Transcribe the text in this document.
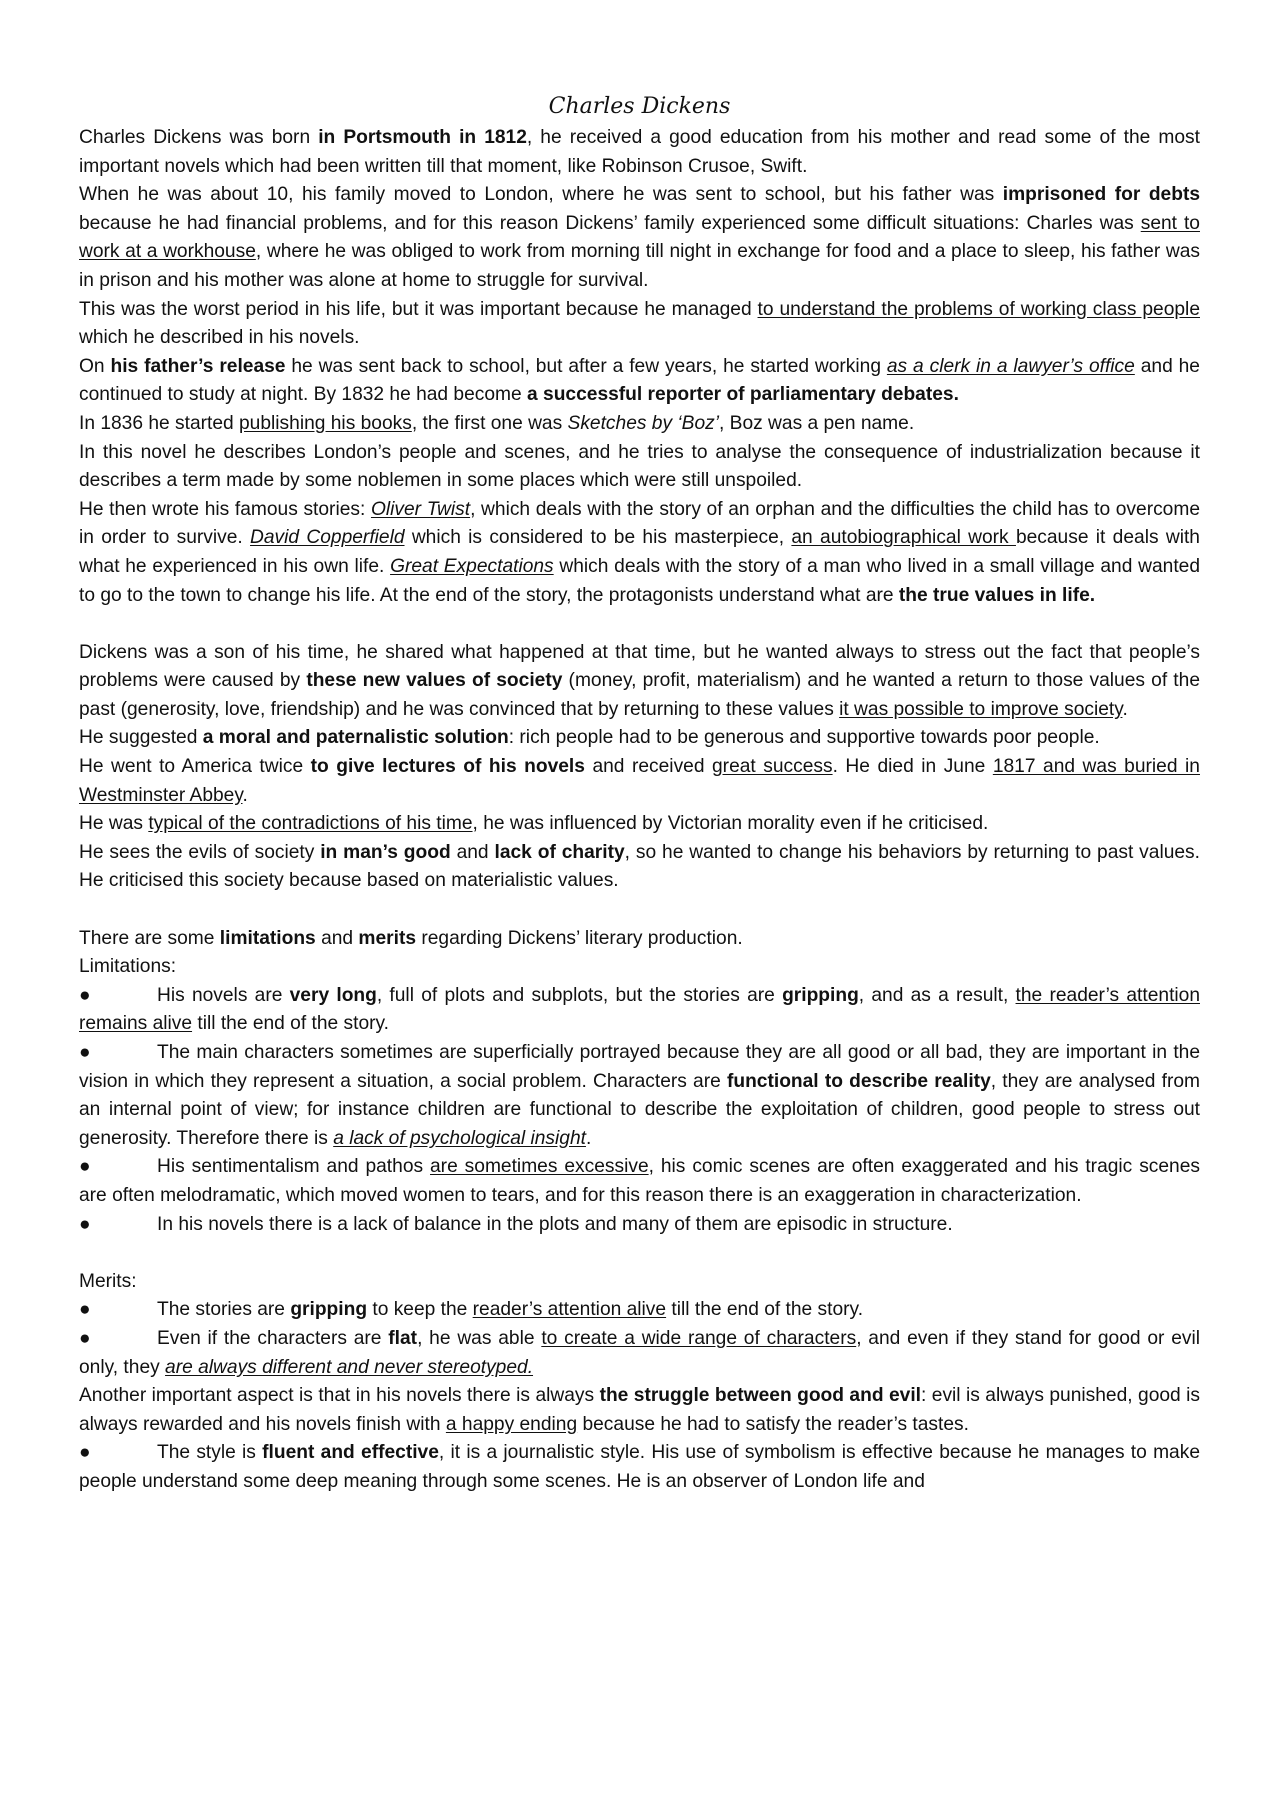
Charles Dickens

Charles Dickens was born in Portsmouth in 1812, he received a good education from his mother and read some of the most important novels which had been written till that moment, like Robinson Crusoe, Swift.

When he was about 10, his family moved to London, where he was sent to school, but his father was imprisoned for debts because he had financial problems, and for this reason Dickens’ family experienced some difficult situations: Charles was sent to work at a workhouse, where he was obliged to work from morning till night in exchange for food and a place to sleep, his father was in prison and his mother was alone at home to struggle for survival.

This was the worst period in his life, but it was important because he managed to understand the problems of working class people which he described in his novels.

On his father’s release he was sent back to school, but after a few years, he started working as a clerk in a lawyer’s office and he continued to study at night. By 1832 he had become a successful reporter of parliamentary debates.

In 1836 he started publishing his books, the first one was Sketches by ‘Boz’, Boz was a pen name.

In this novel he describes London’s people and scenes, and he tries to analyse the consequence of industrialization because it describes a term made by some noblemen in some places which were still unspoiled.

He then wrote his famous stories: Oliver Twist, which deals with the story of an orphan and the difficulties the child has to overcome in order to survive. David Copperfield which is considered to be his masterpiece, an autobiographical work because it deals with what he experienced in his own life. Great Expectations which deals with the story of a man who lived in a small village and wanted to go to the town to change his life. At the end of the story, the protagonists understand what are the true values in life.

Dickens was a son of his time, he shared what happened at that time, but he wanted always to stress out the fact that people’s problems were caused by these new values of society (money, profit, materialism) and he wanted a return to those values of the past (generosity, love, friendship) and he was convinced that by returning to these values it was possible to improve society.

He suggested a moral and paternalistic solution: rich people had to be generous and supportive towards poor people.

He went to America twice to give lectures of his novels and received great success. He died in June 1817 and was buried in Westminster Abbey.

He was typical of the contradictions of his time, he was influenced by Victorian morality even if he criticised.

He sees the evils of society in man’s good and lack of charity, so he wanted to change his behaviors by returning to past values. He criticised this society because based on materialistic values.

There are some limitations and merits regarding Dickens’ literary production.

Limitations:

●	His novels are very long, full of plots and subplots, but the stories are gripping, and as a result, the reader’s attention remains alive till the end of the story.

●	The main characters sometimes are superficially portrayed because they are all good or all bad, they are important in the vision in which they represent a situation, a social problem. Characters are functional to describe reality, they are analysed from an internal point of view; for instance children are functional to describe the exploitation of children, good people to stress out generosity. Therefore there is a lack of psychological insight.

●	His sentimentalism and pathos are sometimes excessive, his comic scenes are often exaggerated and his tragic scenes are often melodramatic, which moved women to tears, and for this reason there is an exaggeration in characterization.

●	In his novels there is a lack of balance in the plots and many of them are episodic in structure.

Merits:

●	The stories are gripping to keep the reader’s attention alive till the end of the story.

●	Even if the characters are flat, he was able to create a wide range of characters, and even if they stand for good or evil only, they are always different and never stereotyped.

Another important aspect is that in his novels there is always the struggle between good and evil: evil is always punished, good is always rewarded and his novels finish with a happy ending because he had to satisfy the reader’s tastes.

●	The style is fluent and effective, it is a journalistic style. His use of symbolism is effective because he manages to make people understand some deep meaning through some scenes. He is an observer of London life and
